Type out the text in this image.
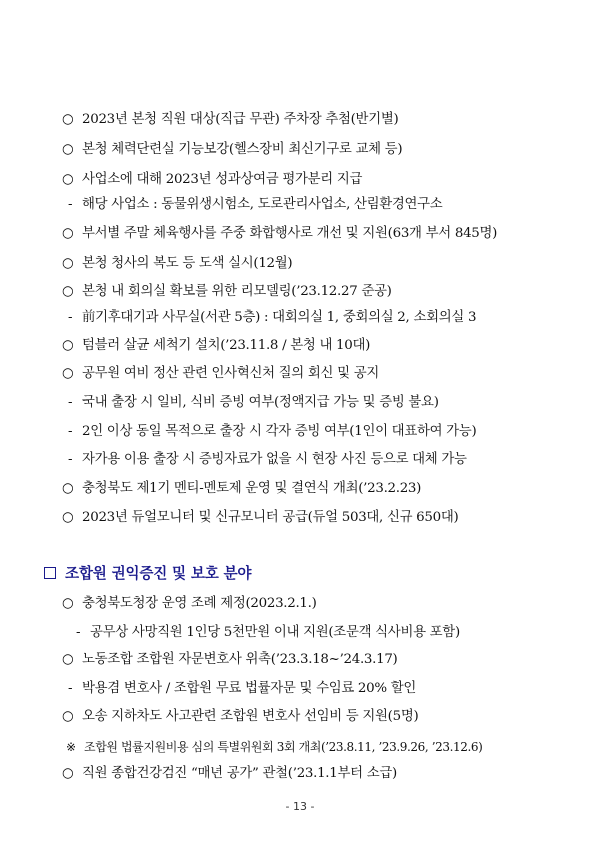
○ 2023년 본청 직원 대상(직급 무관) 주차장 추첨(반기별)
○ 본청 체력단련실 기능보강(헬스장비 최신기구로 교체 등)
○ 사업소에 대해 2023년 성과상여금 평가분리 지급
- 해당 사업소 : 동물위생시험소, 도로관리사업소, 산림환경연구소
○ 부서별 주말 체육행사를 주중 화합행사로 개선 및 지원(63개 부서 845명)
○ 본청 청사의 복도 등 도색 실시(12월)
○ 본청 내 회의실 확보를 위한 리모델링(’23.12.27 준공)
- 前기후대기과 사무실(서관 5층) : 대회의실 1, 중회의실 2, 소회의실 3
○ 텀블러 살균 세척기 설치(’23.11.8 / 본청 내 10대)
○ 공무원 여비 정산 관련 인사혁신처 질의 회신 및 공지
- 국내 출장 시 일비, 식비 증빙 여부(정액지급 가능 및 증빙 불요)
- 2인 이상 동일 목적으로 출장 시 각자 증빙 여부(1인이 대표하여 가능)
- 자가용 이용 출장 시 증빙자료가 없을 시 현장 사진 등으로 대체 가능
○ 충청북도 제1기 멘티-멘토제 운영 및 결연식 개최(’23.2.23)
○ 2023년 듀얼모니터 및 신규모니터 공급(듀얼 503대, 신규 650대)
조합원 권익증진 및 보호 분야
○ 충청북도청장 운영 조례 제정(2023.2.1.)
- 공무상 사망직원 1인당 5천만원 이내 지원(조문객 식사비용 포함)
○ 노동조합 조합원 자문변호사 위촉(’23.3.18~’24.3.17)
- 박용겸 변호사 / 조합원 무료 법률자문 및 수임료 20% 할인
○ 오송 지하차도 사고관련 조합원 변호사 선임비 등 지원(5명)
※ 조합원 법률지원비용 심의 특별위원회 3회 개최(’23.8.11, ’23.9.26, ’23.12.6)
○ 직원 종합건강검진 “매년 공가” 관철(’23.1.1부터 소급)
- 13 -
